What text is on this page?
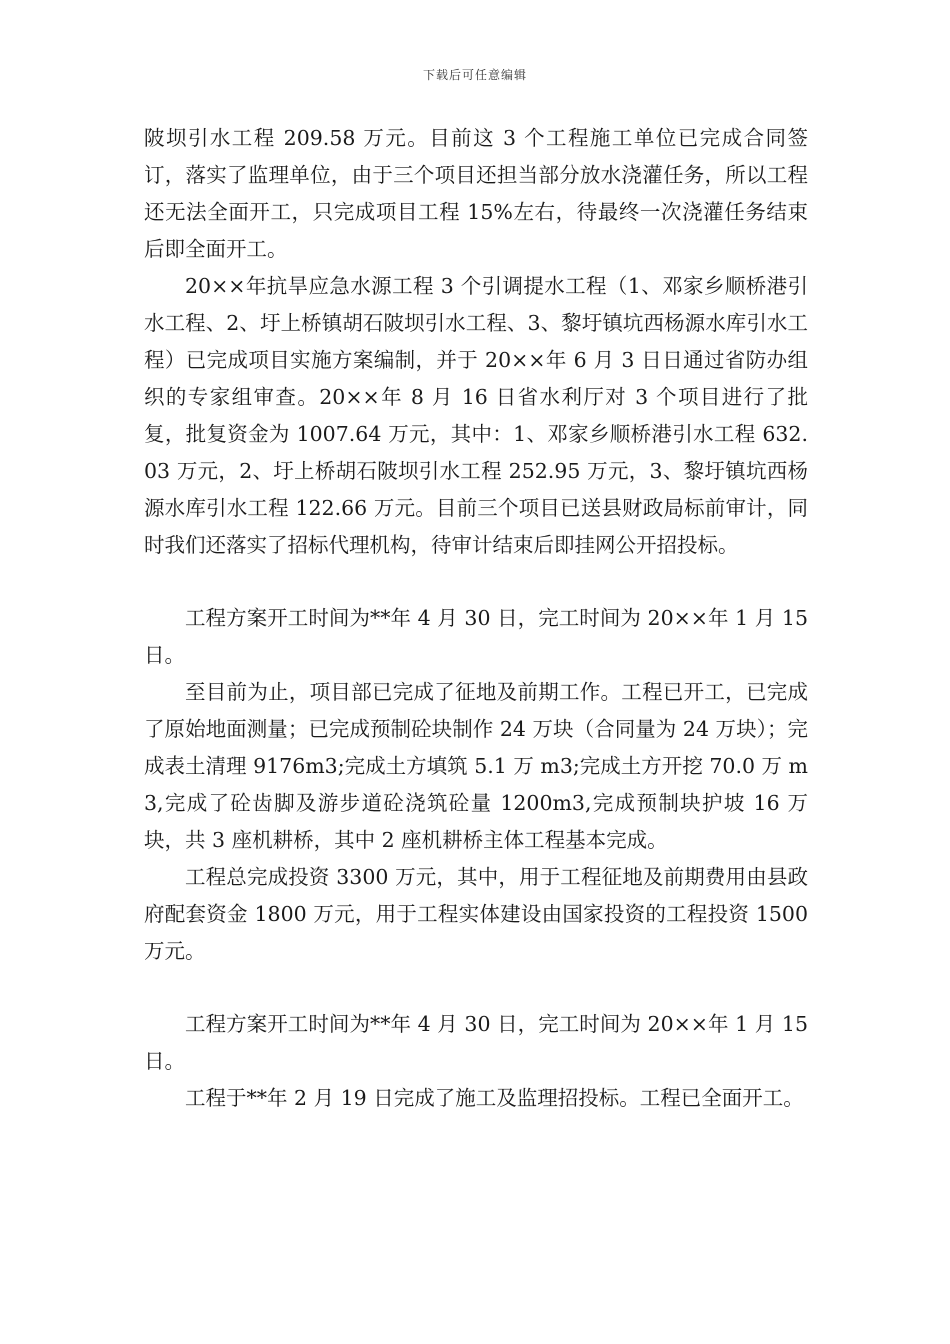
下载后可任意编辑

陂坝引水工程 209.58 万元。目前这 3 个工程施工单位已完成合同签订，落实了监理单位，由于三个项目还担当部分放水浇灌任务，所以工程还无法全面开工，只完成项目工程 15%左右，待最终一次浇灌任务结束后即全面开工。

20××年抗旱应急水源工程 3 个引调提水工程（1、邓家乡顺桥港引水工程、2、圩上桥镇胡石陂坝引水工程、3、黎圩镇坑西杨源水库引水工程）已完成项目实施方案编制，并于 20××年 6 月 3 日日通过省防办组织的专家组审查。20××年 8 月 16 日省水利厅对 3 个项目进行了批复，批复资金为 1007.64 万元，其中：1、邓家乡顺桥港引水工程 632.03 万元，2、圩上桥胡石陂坝引水工程 252.95 万元，3、黎圩镇坑西杨源水库引水工程 122.66 万元。目前三个项目已送县财政局标前审计，同时我们还落实了招标代理机构，待审计结束后即挂网公开招投标。

工程方案开工时间为**年 4 月 30 日，完工时间为 20××年 1 月 15 日。

至目前为止，项目部已完成了征地及前期工作。工程已开工，已完成了原始地面测量；已完成预制砼块制作 24 万块（合同量为 24 万块）；完成表土清理 9176m3;完成土方填筑 5.1 万 m3;完成土方开挖 70.0 万 m3,完成了砼齿脚及游步道砼浇筑砼量 1200m3,完成预制块护坡 16 万块，共 3 座机耕桥，其中 2 座机耕桥主体工程基本完成。

工程总完成投资 3300 万元，其中，用于工程征地及前期费用由县政府配套资金 1800 万元，用于工程实体建设由国家投资的工程投资 1500 万元。

工程方案开工时间为**年 4 月 30 日，完工时间为 20××年 1 月 15 日。

工程于**年 2 月 19 日完成了施工及监理招投标。工程已全面开工。
